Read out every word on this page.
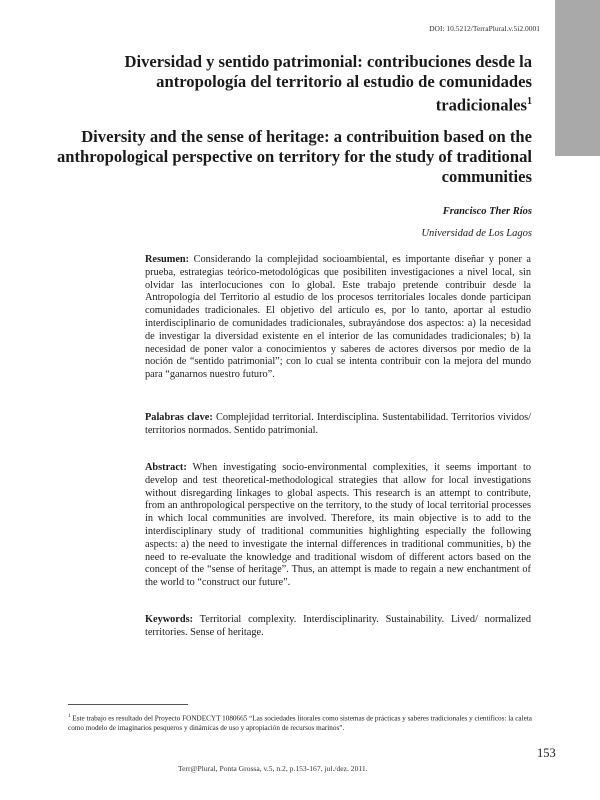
DOI: 10.5212/TerraPlural.v.5i2.0001
Diversidad y sentido patrimonial: contribuciones desde la antropología del territorio al estudio de comunidades tradicionales$^1$
Diversity and the sense of heritage: a contribuition based on the anthropological perspective on territory for the study of traditional communities
Francisco Ther Ríos
Universidad de Los Lagos

Resumen: Considerando la complejidad socioambiental, es importante diseñar y poner a prueba, estrategias teórico-metodológicas que posibiliten investigaciones a nivel local, sin olvidar las interlocuciones con lo global. Este trabajo pretende contribuir desde la Antropología del Territorio al estudio de los procesos territoriales locales donde participan comunidades tradicionales. El objetivo del artículo es, por lo tanto, aportar al estudio interdisciplinario de comunidades tradicionales, subrayándose dos aspectos: a) la necesidad de investigar la diversidad existente en el interior de las comunidades tradicionales; b) la necesidad de poner valor a conocimientos y saberes de actores diversos por medio de la noción de “sentido patrimonial”; con lo cual se intenta contribuir con la mejora del mundo para “ganarnos nuestro futuro”.

Palabras clave: Complejidad territorial. Interdisciplina. Sustentabilidad. Territorios vividos/ territorios normados. Sentido patrimonial.

Abstract: When investigating socio-environmental complexities, it seems important to develop and test theoretical-methodological strategies that allow for local investigations without disregarding linkages to global aspects. This research is an attempt to contribute, from an anthropological perspective on the territory, to the study of local territorial processes in which local communities are involved. Therefore, its main objective is to add to the interdisciplinary study of traditional communities highlighting especially the following aspects: a) the need to investigate the internal differences in traditional communities, b) the need to re-evaluate the knowledge and traditional wisdom of different actors based on the concept of the “sense of heritage”. Thus, an attempt is made to regain a new enchantment of the world to “construct our future”.

Keywords: Territorial complexity. Interdisciplinarity. Sustainability. Lived/ normalized territories. Sense of heritage.

$^1$ Este trabajo es resultado del Proyecto FONDECYT 1080665 “Las sociedades litorales como sistemas de prácticas y saberes tradicionales y científicos: la caleta como modelo de imaginarios pesqueros y dinámicas de uso y apropiación de recursos marinos”.

Terr@Plural, Ponta Grossa, v.5, n.2, p.153-167, jul./dez. 2011.
153
